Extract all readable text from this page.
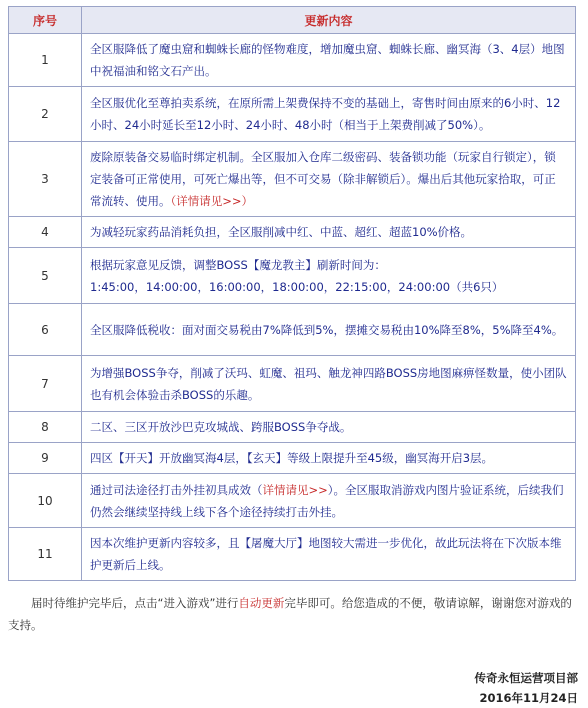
序号	更新内容
1	全区服降低了魔虫窟和蜘蛛长廊的怪物难度，增加魔虫窟、蜘蛛长廊、幽冥海（3、4层）地图中祝福油和铭文石产出。
2	全区服优化至尊拍卖系统，在原所需上架费保持不变的基础上，寄售时间由原来的6小时、12小时、24小时延长至12小时、24小时、48小时（相当于上架费削减了50%）。
3	废除原装备交易临时绑定机制。全区服加入仓库二级密码、装备锁功能（玩家自行锁定），锁定装备可正常使用，可死亡爆出等，但不可交易（除非解锁后）。爆出后其他玩家拾取，可正常流转、使用。（详情请见>>）
4	为减轻玩家药品消耗负担，全区服削减中红、中蓝、超红、超蓝10%价格。
5	根据玩家意见反馈，调整BOSS【魔龙教主】刷新时间为：
1:45:00，14:00:00，16:00:00，18:00:00，22:15:00，24:00:00（共6只）

6	全区服降低税收：面对面交易税由7%降低到5%，摆摊交易税由10%降至8%，5%降至4%。
7	为增强BOSS争夺，削减了沃玛、虹魔、祖玛、触龙神四路BOSS房地图麻痹怪数量，使小团队也有机会体验击杀BOSS的乐趣。
8	二区、三区开放沙巴克攻城战、跨服BOSS争夺战。
9	四区【开天】开放幽冥海4层，【玄天】等级上限提升至45级，幽冥海开启3层。
10	通过司法途径打击外挂初具成效（详情请见>>）。全区服取消游戏内图片验证系统，后续我们仍然会继续坚持线上线下各个途径持续打击外挂。
11	因本次维护更新内容较多，且【屠魔大厅】地图较大需进一步优化，故此玩法将在下次版本维护更新后上线。

届时待维护完毕后，点击“进入游戏”进行自动更新完毕即可。给您造成的不便，敬请谅解，谢谢您对游戏的支持。

传奇永恒运营项目部
2016年11月24日
